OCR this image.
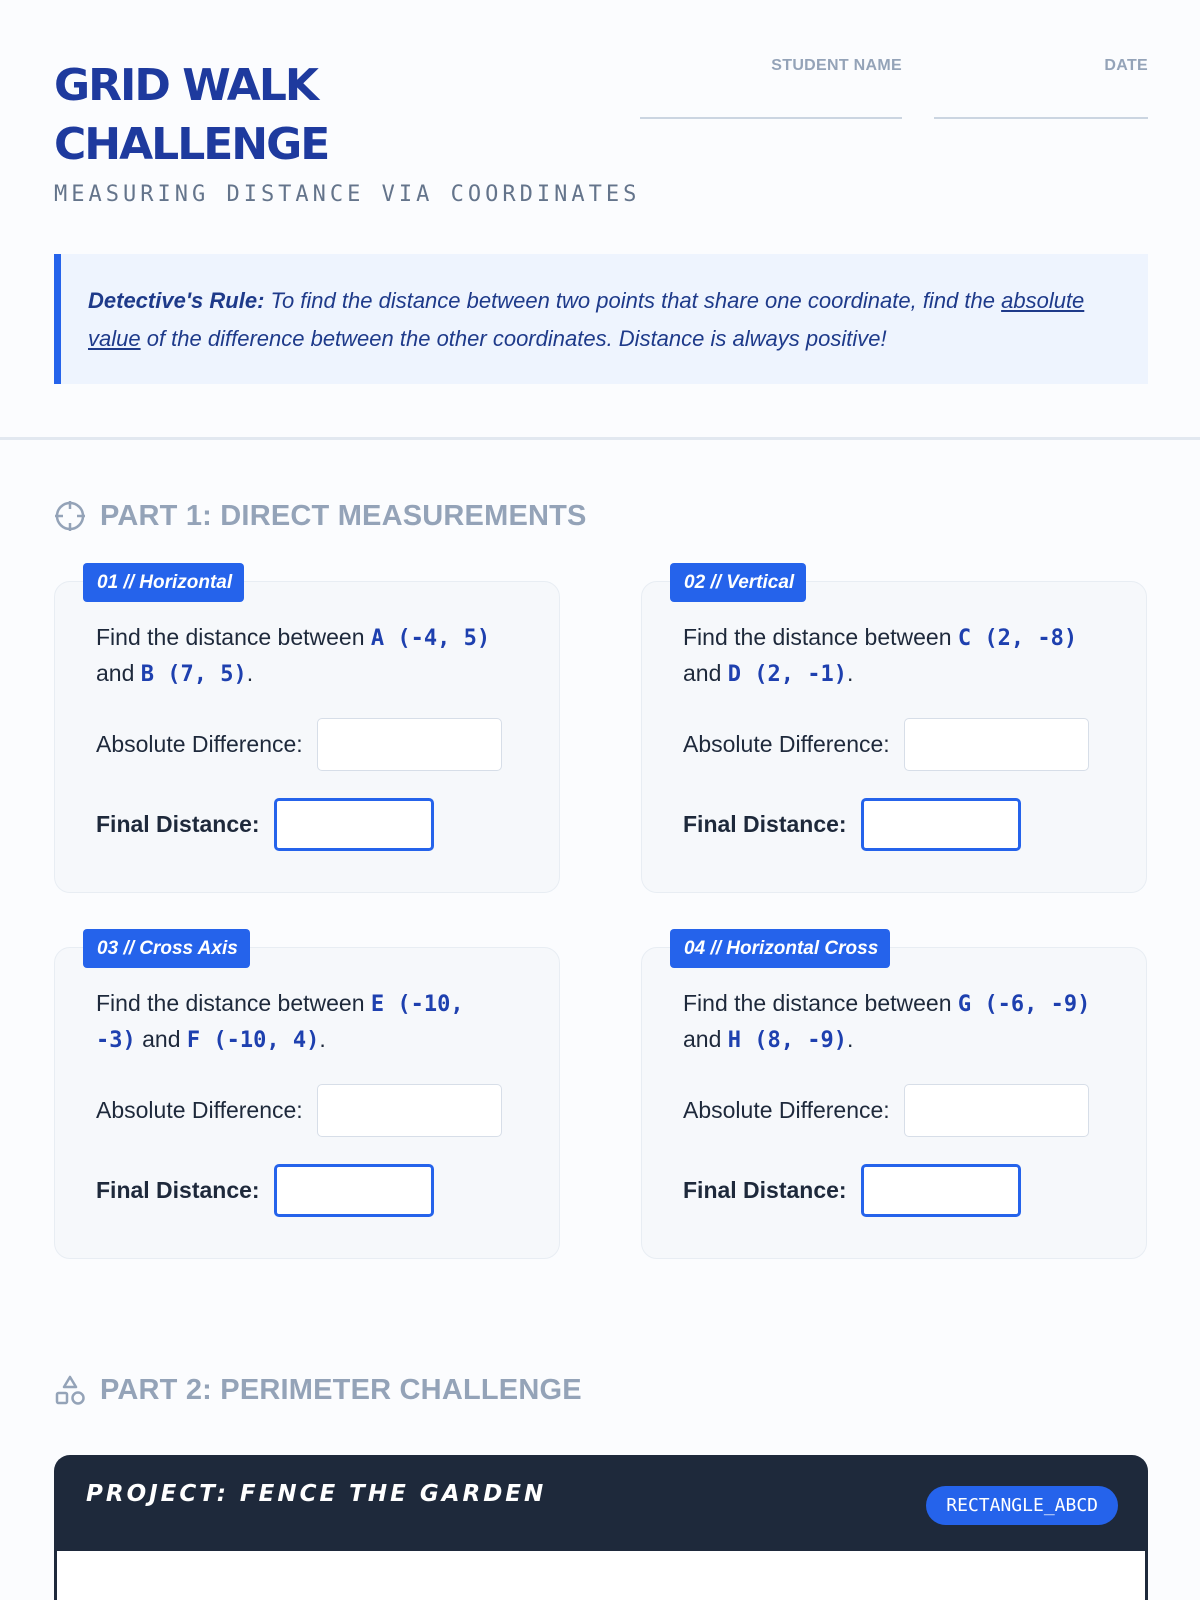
GRID WALK CHALLENGE
MEASURING DISTANCE VIA COORDINATES
STUDENT NAME	DATE
Detective's Rule: To find the distance between two points that share one coordinate, find the absolute value of the difference between the other coordinates. Distance is always positive!
PART 1: DIRECT MEASUREMENTS
01 // Horizontal
Find the distance between A (-4, 5) and B (7, 5).
Absolute Difference:
Final Distance:
02 // Vertical
Find the distance between C (2, -8) and D (2, -1).
Absolute Difference:
Final Distance:
03 // Cross Axis
Find the distance between E (-10, -3) and F (-10, 4).
Absolute Difference:
Final Distance:
04 // Horizontal Cross
Find the distance between G (-6, -9) and H (8, -9).
Absolute Difference:
Final Distance:
PART 2: PERIMETER CHALLENGE
PROJECT: FENCE THE GARDEN	RECTANGLE_ABCD
